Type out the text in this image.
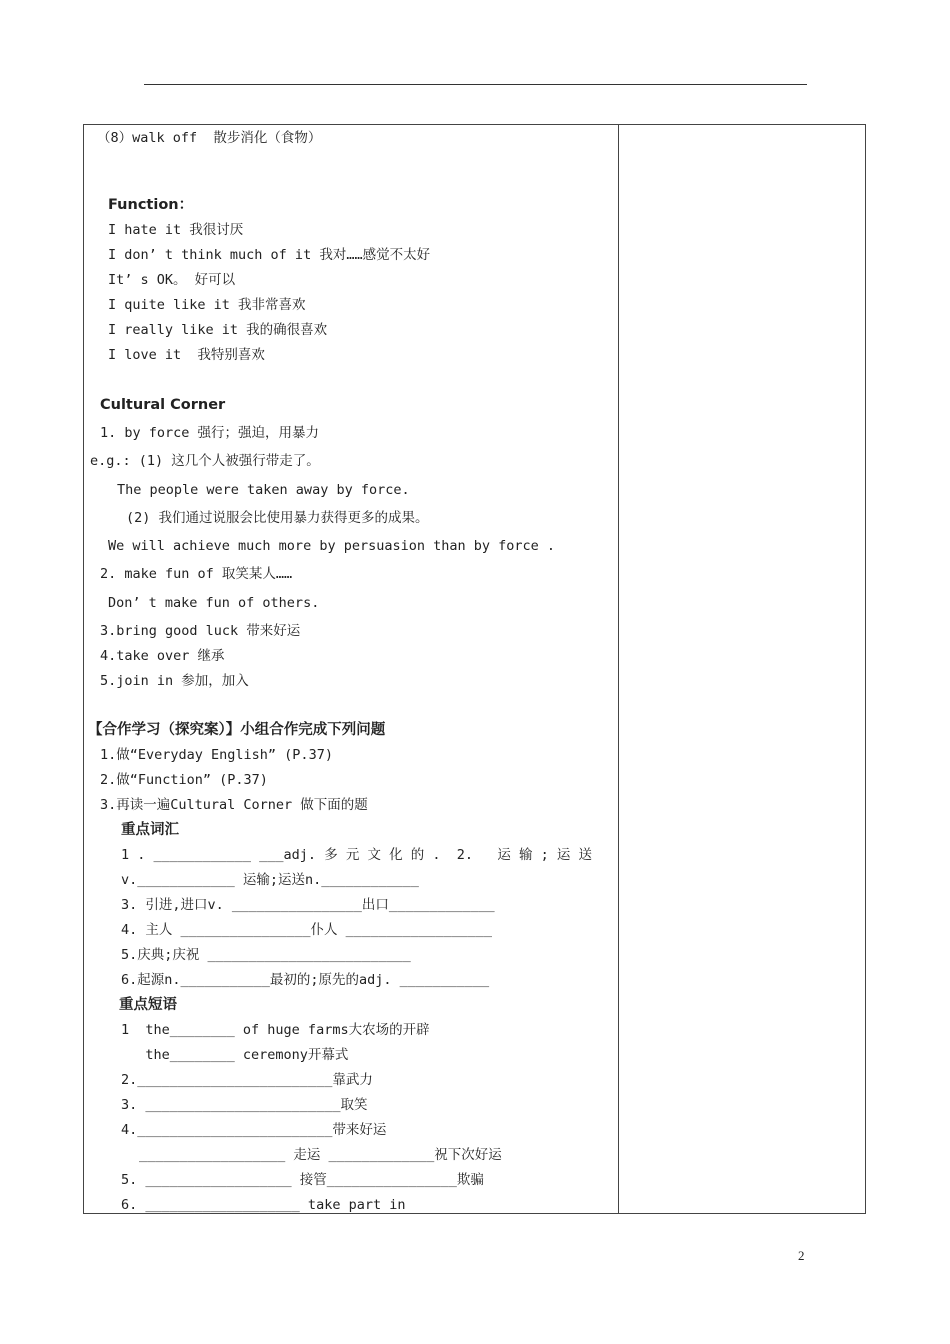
（8）walk off  散步消化（食物）
Function：
I hate it 我很讨厌
I don’ t think much of it 我对……感觉不太好
It’ s OK。 好可以
I quite like it 我非常喜欢
I really like it 我的确很喜欢
I love it  我特别喜欢
Cultural Corner
1. by force 强行；强迫，用暴力
e.g.: (1) 这几个人被强行带走了。
The people were taken away by force.
(2) 我们通过说服会比使用暴力获得更多的成果。
We will achieve much more by persuasion than by force .
2. make fun of 取笑某人……
Don’ t make fun of others.
3.bring good luck 带来好运
4.take over 继承
5.join in 参加，加入
【合作学习（探究案）】小组合作完成下列问题
1.做“Everyday English” (P.37)
2.做“Function” (P.37)
3.再读一遍Cultural Corner 做下面的题
重点词汇
1 . ____________ ___adj. 多 元 文 化 的 .  2.   运 输 ; 运 送
v.____________ 运输;运送n.____________
3. 引进,进口v. ________________出口_____________
4. 主人 ________________仆人 __________________
5.庆典;庆祝 _________________________
6.起源n.___________最初的;原先的adj. ___________
重点短语
1  the________ of huge farms大农场的开辟
the________ ceremony开幕式
2.________________________靠武力
3. ________________________取笑
4.________________________带来好运
__________________ 走运 _____________祝下次好运
5. __________________ 接管________________欺骗
6. ___________________ take part in
2
